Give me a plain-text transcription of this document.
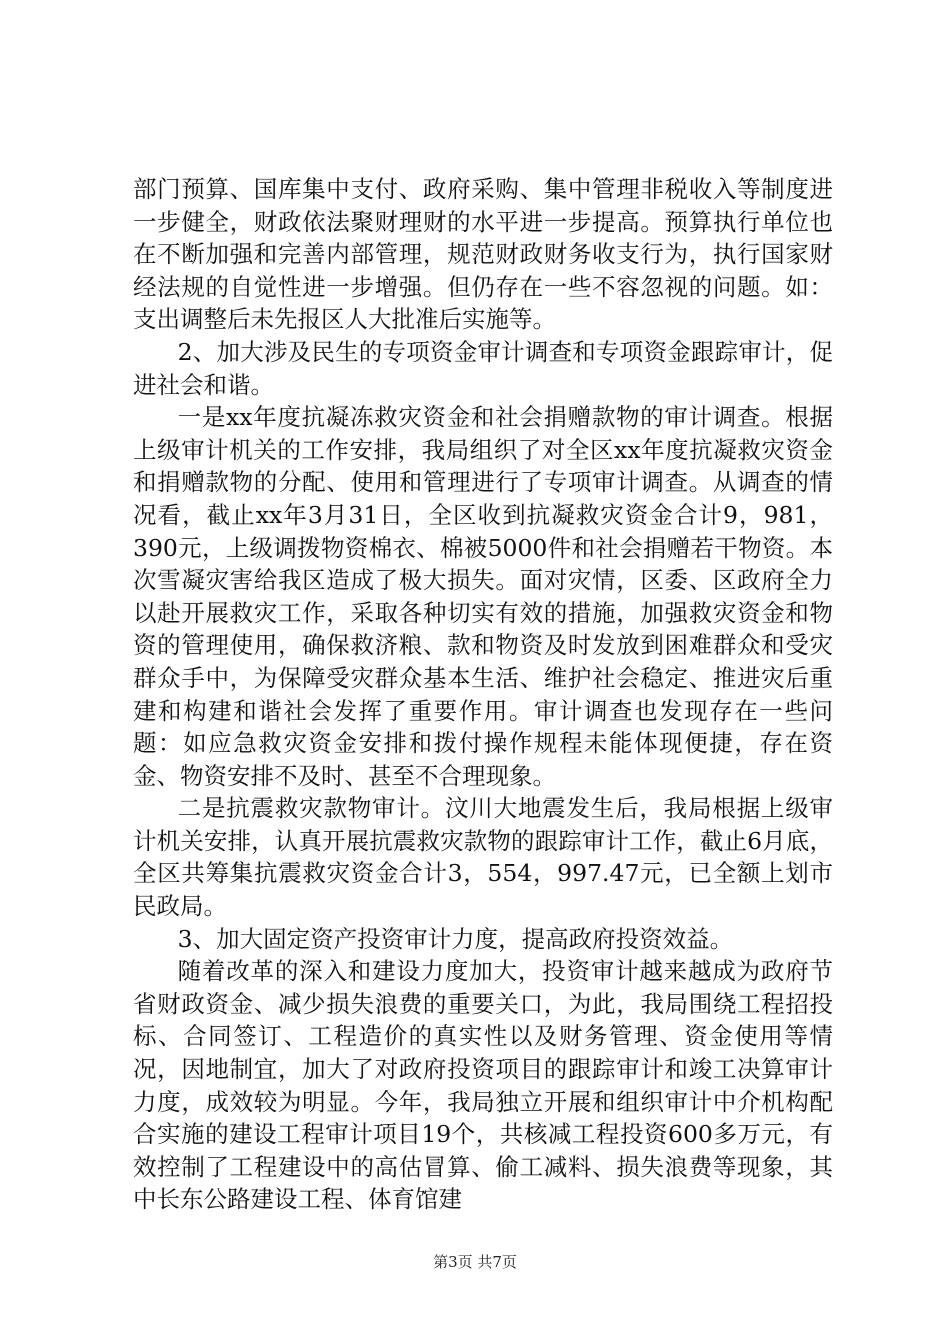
部门预算、国库集中支付、政府采购、集中管理非税收入等制度进一步健全，财政依法聚财理财的水平进一步提高。预算执行单位也在不断加强和完善内部管理，规范财政财务收支行为，执行国家财经法规的自觉性进一步增强。但仍存在一些不容忽视的问题。如：支出调整后未先报区人大批准后实施等。

2、加大涉及民生的专项资金审计调查和专项资金跟踪审计，促进社会和谐。

一是xx年度抗凝冻救灾资金和社会捐赠款物的审计调查。根据上级审计机关的工作安排，我局组织了对全区xx年度抗凝救灾资金和捐赠款物的分配、使用和管理进行了专项审计调查。从调查的情况看，截止xx年3月31日，全区收到抗凝救灾资金合计9，981，390元，上级调拨物资棉衣、棉被5000件和社会捐赠若干物资。本次雪凝灾害给我区造成了极大损失。面对灾情，区委、区政府全力以赴开展救灾工作，采取各种切实有效的措施，加强救灾资金和物资的管理使用，确保救济粮、款和物资及时发放到困难群众和受灾群众手中，为保障受灾群众基本生活、维护社会稳定、推进灾后重建和构建和谐社会发挥了重要作用。审计调查也发现存在一些问题：如应急救灾资金安排和拨付操作规程未能体现便捷，存在资金、物资安排不及时、甚至不合理现象。

二是抗震救灾款物审计。汶川大地震发生后，我局根据上级审计机关安排，认真开展抗震救灾款物的跟踪审计工作，截止6月底，全区共筹集抗震救灾资金合计3，554，997.47元，已全额上划市民政局。

3、加大固定资产投资审计力度，提高政府投资效益。

随着改革的深入和建设力度加大，投资审计越来越成为政府节省财政资金、减少损失浪费的重要关口，为此，我局围绕工程招投标、合同签订、工程造价的真实性以及财务管理、资金使用等情况，因地制宜，加大了对政府投资项目的跟踪审计和竣工决算审计力度，成效较为明显。今年，我局独立开展和组织审计中介机构配合实施的建设工程审计项目19个，共核减工程投资600多万元，有效控制了工程建设中的高估冒算、偷工减料、损失浪费等现象，其中长东公路建设工程、体育馆建

第3页 共7页
